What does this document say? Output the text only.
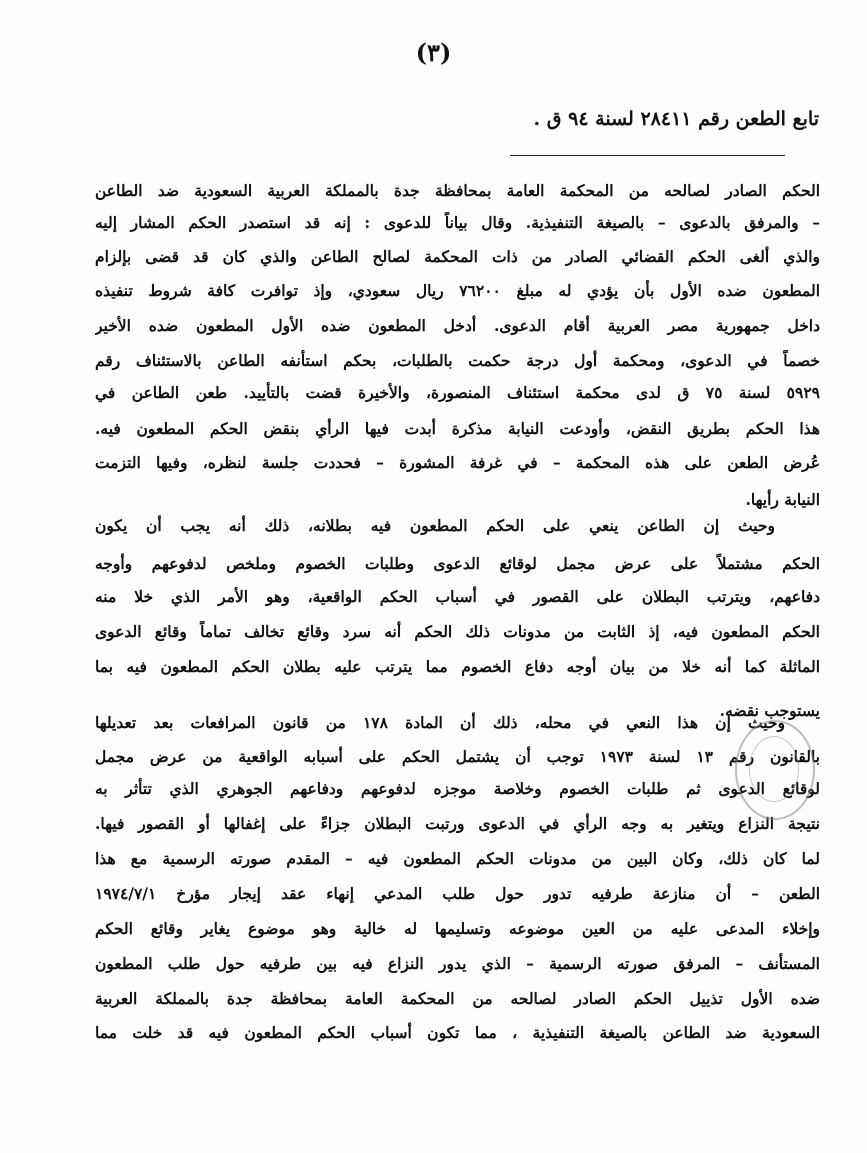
(٣)
تابع الطعن رقم ٢٨٤١١ لسنة ٩٤ ق .
الحكم الصادر لصالحه من المحكمة العامة بمحافظة جدة بالمملكة العربية السعودية ضد الطاعن
– والمرفق بالدعوى – بالصيغة التنفيذية. وقال بياناً للدعوى : إنه قد استصدر الحكم المشار إليه
والذي ألغى الحكم القضائي الصادر من ذات المحكمة لصالح الطاعن والذي كان قد قضى بإلزام
المطعون ضده الأول بأن يؤدي له مبلغ ٧٦٢٠٠ ريال سعودي، وإذ توافرت كافة شروط تنفيذه
داخل جمهورية مصر العربية أقام الدعوى. أدخل المطعون ضده الأول المطعون ضده الأخير
خصماً في الدعوى، ومحكمة أول درجة حكمت بالطلبات، بحكم استأنفه الطاعن بالاستئناف رقم
٥٩٢٩ لسنة ٧٥ ق لدى محكمة استئناف المنصورة، والأخيرة قضت بالتأييد. طعن الطاعن في
هذا الحكم بطريق النقض، وأودعت النيابة مذكرة أبدت فيها الرأي بنقض الحكم المطعون فيه.
عُرض الطعن على هذه المحكمة – في غرفة المشورة – فحددت جلسة لنظره، وفيها التزمت
النيابة رأيها.
وحيث إن الطاعن ينعي على الحكم المطعون فيه بطلانه، ذلك أنه يجب أن يكون
الحكم مشتملاً على عرض مجمل لوقائع الدعوى وطلبات الخصوم وملخص لدفوعهم وأوجه
دفاعهم، ويترتب البطلان على القصور في أسباب الحكم الواقعية، وهو الأمر الذي خلا منه
الحكم المطعون فيه، إذ الثابت من مدونات ذلك الحكم أنه سرد وقائع تخالف تماماً وقائع الدعوى
الماثلة كما أنه خلا من بيان أوجه دفاع الخصوم مما يترتب عليه بطلان الحكم المطعون فيه بما
يستوجب نقضه.
وحيث إن هذا النعي في محله، ذلك أن المادة ١٧٨ من قانون المرافعات بعد تعديلها
بالقانون رقم ١٣ لسنة ١٩٧٣ توجب أن يشتمل الحكم على أسبابه الواقعية من عرض مجمل
لوقائع الدعوى ثم طلبات الخصوم وخلاصة موجزه لدفوعهم ودفاعهم الجوهري الذي تتأثر به
نتيجة النزاع ويتغير به وجه الرأي في الدعوى ورتبت البطلان جزاءً على إغفالها أو القصور فيها.
لما كان ذلك، وكان البين من مدونات الحكم المطعون فيه – المقدم صورته الرسمية مع هذا
الطعن – أن منازعة طرفيه تدور حول طلب المدعي إنهاء عقد إيجار مؤرخ ١٩٧٤/٧/١
وإخلاء المدعى عليه من العين موضوعه وتسليمها له خالية وهو موضوع يغاير وقائع الحكم
المستأنف – المرفق صورته الرسمية – الذي يدور النزاع فيه بين طرفيه حول طلب المطعون
ضده الأول تذييل الحكم الصادر لصالحه من المحكمة العامة بمحافظة جدة بالمملكة العربية
السعودية ضد الطاعن بالصيغة التنفيذية ، مما تكون أسباب الحكم المطعون فيه قد خلت مما
